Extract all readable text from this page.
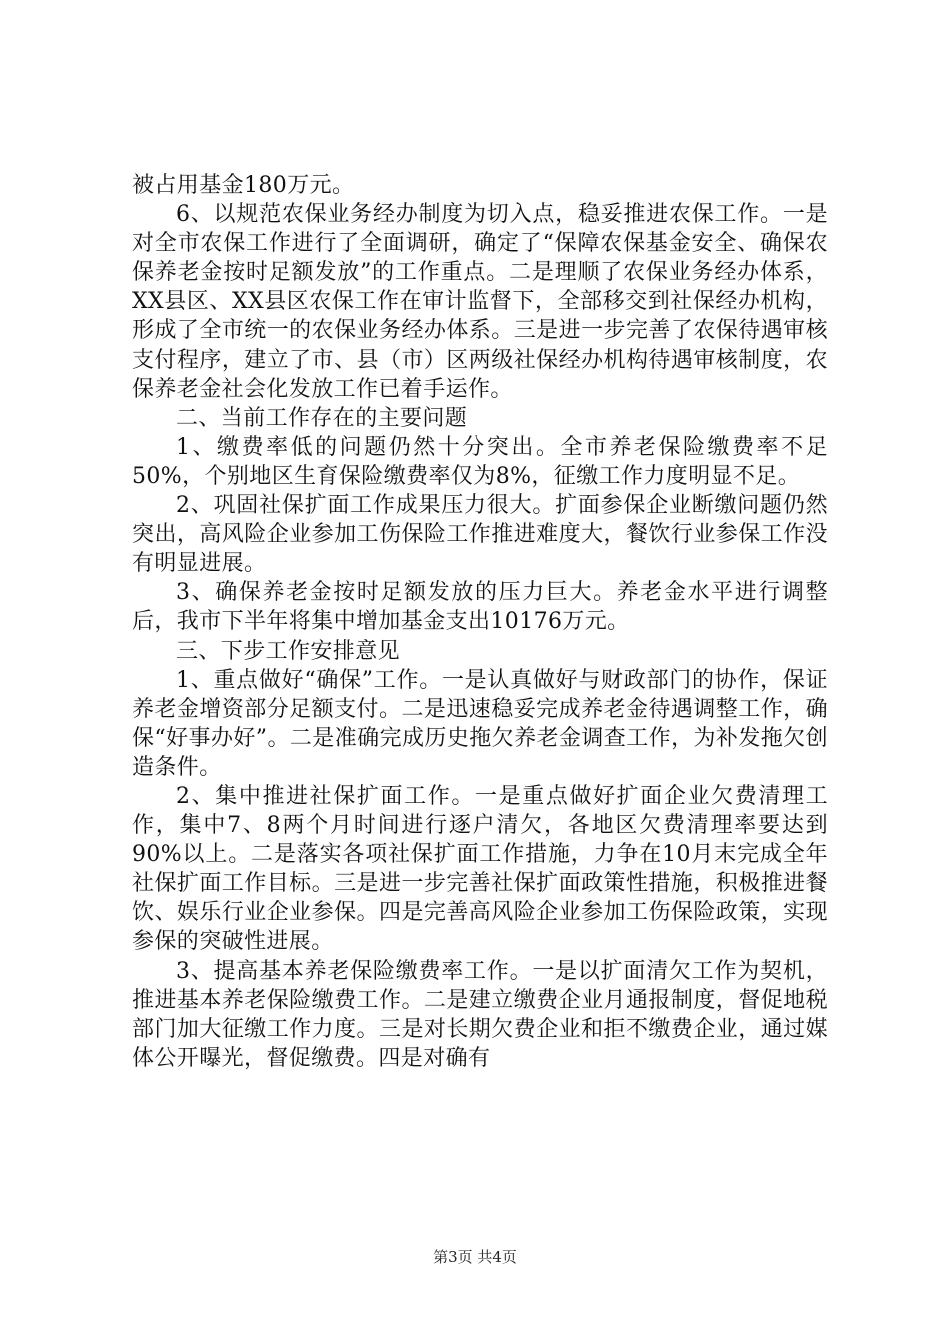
被占用基金180万元。

6、以规范农保业务经办制度为切入点，稳妥推进农保工作。一是对全市农保工作进行了全面调研，确定了“保障农保基金安全、确保农保养老金按时足额发放”的工作重点。二是理顺了农保业务经办体系，XX县区、XX县区农保工作在审计监督下，全部移交到社保经办机构，形成了全市统一的农保业务经办体系。三是进一步完善了农保待遇审核支付程序，建立了市、县（市）区两级社保经办机构待遇审核制度，农保养老金社会化发放工作已着手运作。

二、当前工作存在的主要问题

1、缴费率低的问题仍然十分突出。全市养老保险缴费率不足50%，个别地区生育保险缴费率仅为8%，征缴工作力度明显不足。

2、巩固社保扩面工作成果压力很大。扩面参保企业断缴问题仍然突出，高风险企业参加工伤保险工作推进难度大，餐饮行业参保工作没有明显进展。

3、确保养老金按时足额发放的压力巨大。养老金水平进行调整后，我市下半年将集中增加基金支出10176万元。

三、下步工作安排意见

1、重点做好“确保”工作。一是认真做好与财政部门的协作，保证养老金增资部分足额支付。二是迅速稳妥完成养老金待遇调整工作，确保“好事办好”。二是准确完成历史拖欠养老金调查工作，为补发拖欠创造条件。

2、集中推进社保扩面工作。一是重点做好扩面企业欠费清理工作，集中7、8两个月时间进行逐户清欠，各地区欠费清理率要达到90%以上。二是落实各项社保扩面工作措施，力争在10月末完成全年社保扩面工作目标。三是进一步完善社保扩面政策性措施，积极推进餐饮、娱乐行业企业参保。四是完善高风险企业参加工伤保险政策，实现参保的突破性进展。

3、提高基本养老保险缴费率工作。一是以扩面清欠工作为契机，推进基本养老保险缴费工作。二是建立缴费企业月通报制度，督促地税部门加大征缴工作力度。三是对长期欠费企业和拒不缴费企业，通过媒体公开曝光，督促缴费。四是对确有

第3页 共4页
